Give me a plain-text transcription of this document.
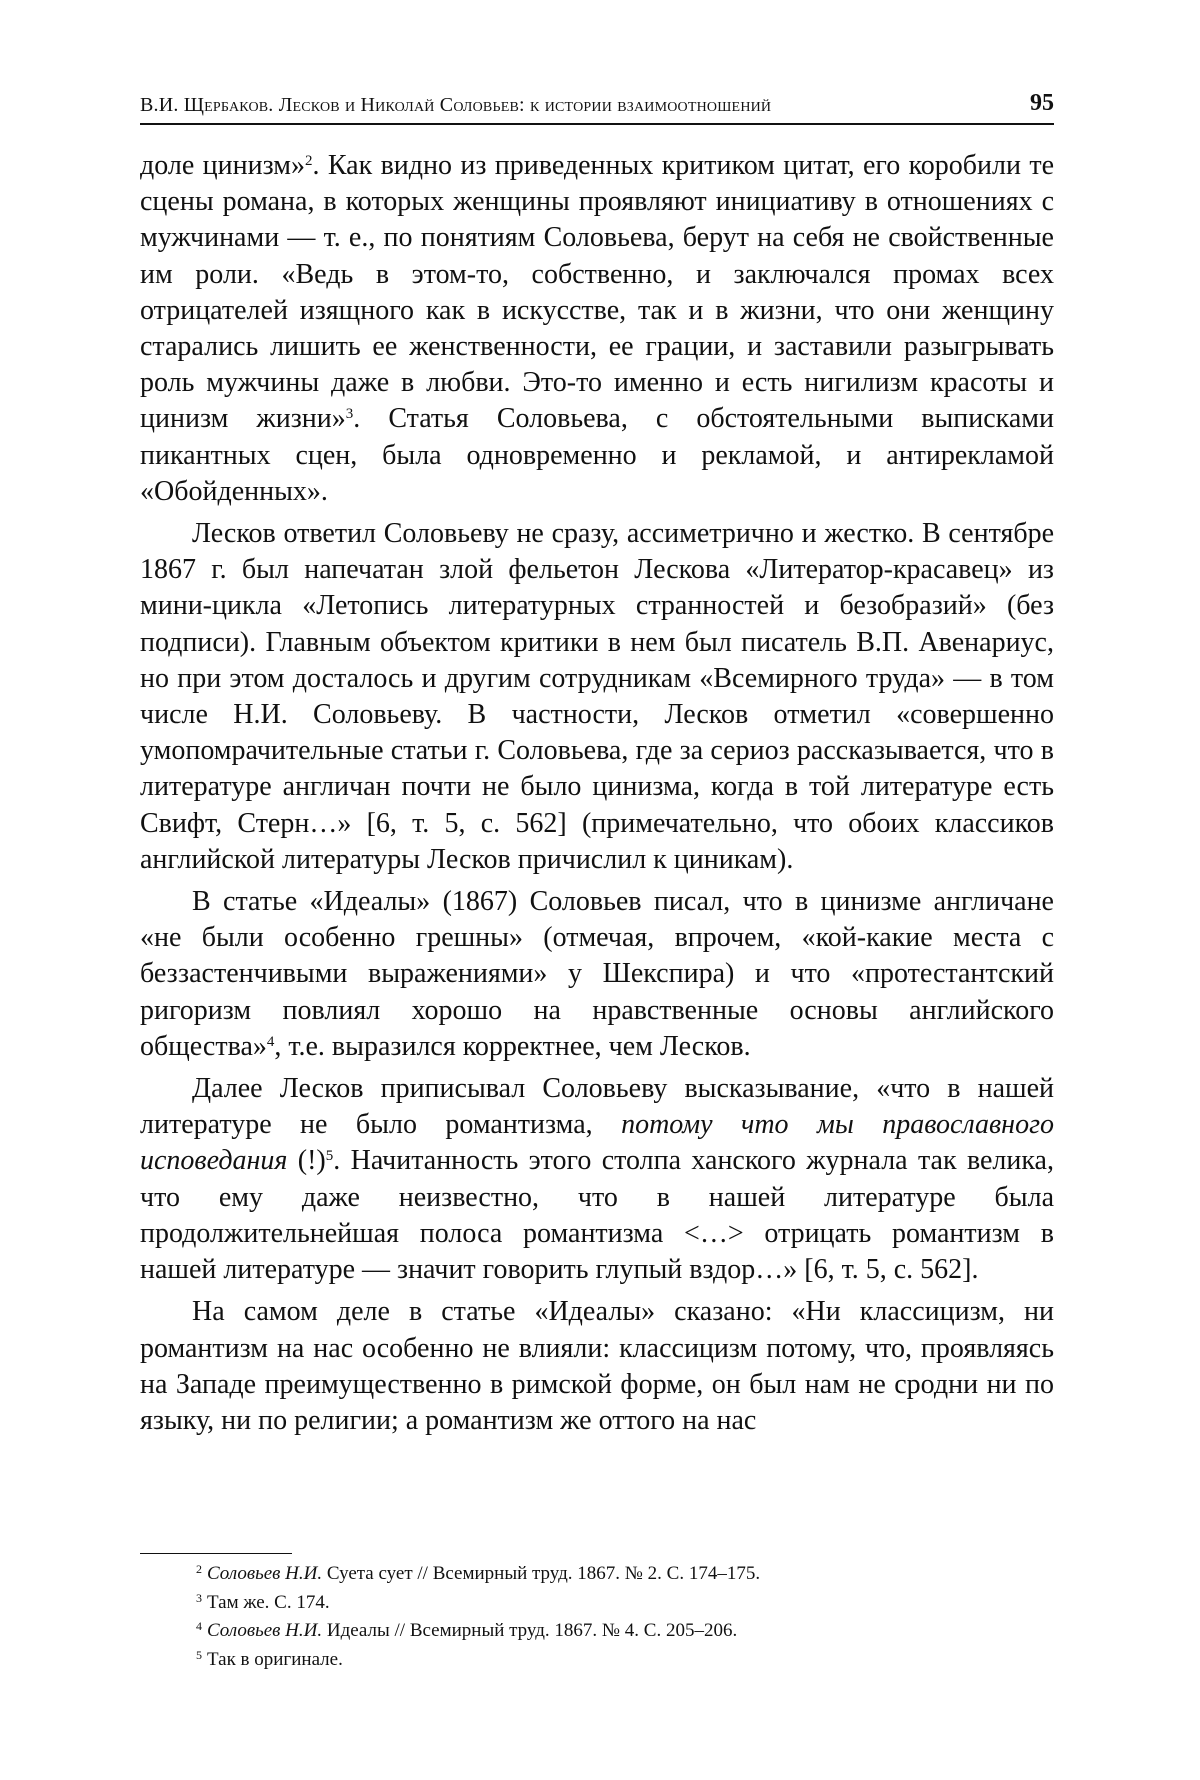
В.И. Щербаков. Лесков и Николай Соловьев: к истории взаимоотношений	95

доле цинизм»$^2$. Как видно из приведенных критиком цитат, его коробили те сцены романа, в которых женщины проявляют инициативу в отношениях с мужчинами — т. е., по понятиям Соловьева, берут на себя не свойственные им роли. «Ведь в этом-то, собственно, и заключался промах всех отрицателей изящного как в искусстве, так и в жизни, что они женщину старались лишить ее женственности, ее грации, и заставили разыгрывать роль мужчины даже в любви. Это-то именно и есть нигилизм красоты и цинизм жизни»$^3$. Статья Соловьева, с обстоятельными выписками пикантных сцен, была одновременно и рекламой, и антирекламой «Обойденных».

Лесков ответил Соловьеву не сразу, ассиметрично и жестко. В сентябре 1867 г. был напечатан злой фельетон Лескова «Литератор-красавец» из мини-цикла «Летопись литературных странностей и безобразий» (без подписи). Главным объектом критики в нем был писатель В.П. Авенариус, но при этом досталось и другим сотрудникам «Всемирного труда» — в том числе Н.И. Соловьеву. В частности, Лесков отметил «совершенно умопомрачительные статьи г. Соловьева, где за сериоз рассказывается, что в литературе англичан почти не было цинизма, когда в той литературе есть Свифт, Стерн…» [6, т. 5, с. 562] (примечательно, что обоих классиков английской литературы Лесков причислил к циникам).

В статье «Идеалы» (1867) Соловьев писал, что в цинизме англичане «не были особенно грешны» (отмечая, впрочем, «кой-какие места с беззастенчивыми выражениями» у Шекспира) и что «протестантский ригоризм повлиял хорошо на нравственные основы английского общества»$^4$, т.е. выразился корректнее, чем Лесков.

Далее Лесков приписывал Соловьеву высказывание, «что в нашей литературе не было романтизма, потому что мы православного исповедания (!)$^5$. Начитанность этого столпа ханского журнала так велика, что ему даже неизвестно, что в нашей литературе была продолжительнейшая полоса романтизма <…> отрицать романтизм в нашей литературе — значит говорить глупый вздор…» [6, т. 5, с. 562].

На самом деле в статье «Идеалы» сказано: «Ни классицизм, ни романтизм на нас особенно не влияли: классицизм потому, что, проявляясь на Западе преимущественно в римской форме, он был нам не сродни ни по языку, ни по религии; а романтизм же оттого на нас

$^2$ Соловьев Н.И. Суета сует // Всемирный труд. 1867. № 2. С. 174–175.
$^3$ Там же. С. 174.
$^4$ Соловьев Н.И. Идеалы // Всемирный труд. 1867. № 4. С. 205–206.
$^5$ Так в оригинале.
